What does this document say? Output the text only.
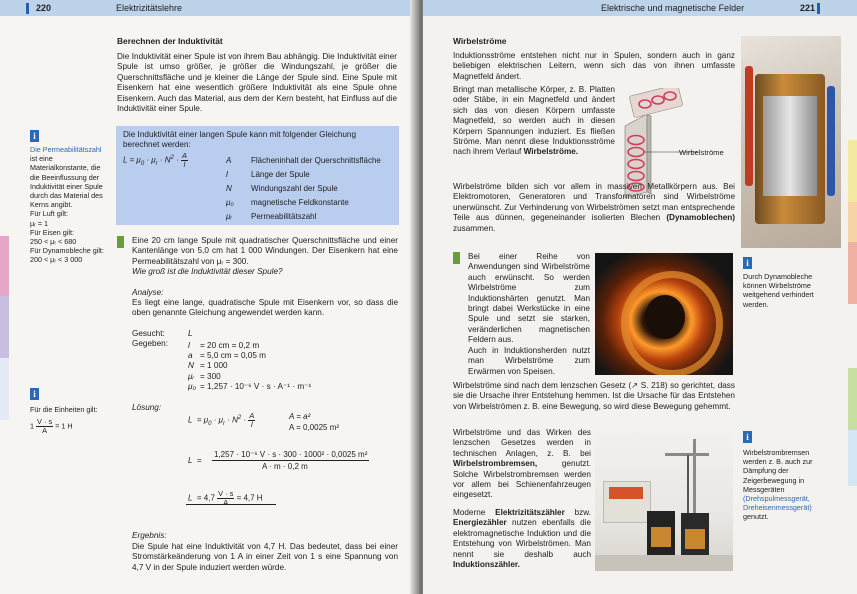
220	Elektrizitätslehre
Berechnen der Induktivität
Die Induktivität einer Spule ist von ihrem Bau abhängig. Die Induktivität einer Spule ist umso größer, je größer die Windungszahl, je größer die Querschnittsfläche und je kleiner die Länge der Spule sind. Eine Spule mit Eisenkern hat eine wesentlich größere Induktivität als eine Spule ohne Eisenkern. Auch das Material, aus dem der Kern besteht, hat Einfluss auf die Induktivität einer Spule.
i
Die Permeabilitätszahl ist eine Materialkonstante, die die Beeinflussung der Induktivität einer Spule durch das Material des Kerns angibt.
Für Luft gilt:
μᵣ = 1
Für Eisen gilt:
250 < μᵣ < 680
Für Dynamobleche gilt:
200 < μᵣ < 3 000
Die Induktivität einer langen Spule kann mit folgender Gleichung berechnet werden:
$L = \mu_0 \cdot \mu_r \cdot N^2 \cdot \frac{A}{l}$	A Flächeninhalt der Querschnittsfläche
l	Länge der Spule
N Windungszahl der Spule
μ₀ magnetische Feldkonstante
μᵣ Permeabilitätszahl
Eine 20 cm lange Spule mit quadratischer Querschnittsfläche und einer Kantenlänge von 5,0 cm hat 1 000 Windungen. Der Eisenkern hat eine Permeabilitätszahl von μᵣ = 300.
Wie groß ist die Induktivität dieser Spule?
Analyse:
Es liegt eine lange, quadratische Spule mit Eisenkern vor, so dass die oben genannte Gleichung angewendet werden kann.
Gesucht:	L
Gegeben: l = 20 cm = 0,2 m
a = 5,0 cm = 0,05 m
N = 1 000
μᵣ = 300
μ₀ = 1,257 · 10⁻⁶ V · s · A⁻¹ · m⁻¹
i
Für die Einheiten gilt:
$1 \frac{V \cdot s}{A} = 1$ H
Lösung:
$L = \mu_0 \cdot \mu_r \cdot N^2 \cdot \frac{A}{l}$	A = a²
A = 0,0025 m²
L  =
1,257 · 10⁻⁶ V · s · 300 · 1000² · 0,0025 m²
A · m · 0,2 m
$L = 4,7 \frac{V \cdot s}{A} = 4,7$ H
Ergebnis:
Die Spule hat eine Induktivität von 4,7 H. Das bedeutet, dass bei einer Stromstärkeänderung von 1 A in einer Zeit von 1 s eine Spannung von 4,7 V in der Spule induziert werden würde.
Elektrische und magnetische Felder	221
Wirbelströme
Induktionsströme entstehen nicht nur in Spulen, sondern auch in ganz beliebigen elektrischen Leitern, wenn sich das von ihnen umfasste Magnetfeld ändert.
Bringt man metallische Körper, z. B. Platten oder Stäbe, in ein Magnetfeld und ändert sich das von diesen Körpern umfasste Magnetfeld, so werden auch in diesen Körpern Spannungen induziert. Es fließen Ströme. Man nennt diese Induktionsströme nach ihrem Verlauf Wirbelströme.	Wirbelströme
Wirbelströme bilden sich vor allem in massiven Metallkörpern aus. Bei Elektromotoren, Generatoren und Transformatoren sind Wirbelströme unerwünscht. Zur Verhinderung von Wirbelströmen setzt man entsprechende Teile aus dünnen, gegeneinander isolierten Blechen (Dynamoblechen) zusammen.
Bei einer Reihe von Anwendungen sind Wirbelströme auch erwünscht. So werden Wirbelströme zum Induktionshärten genutzt. Man bringt dabei Werkstücke in eine Spule und setzt sie starken, veränderlichen magnetischen Feldern aus.
Auch in Induktionsherden nutzt man Wirbelströme zum Erwärmen von Speisen.
Wirbelströme sind nach dem lenzschen Gesetz (↗ S. 218) so gerichtet, dass sie die Ursache ihrer Entstehung hemmen. Ist die Ursache für das Entstehen von Wirbelströmen z. B. eine Bewegung, so wird diese Bewegung gehemmt.
Wirbelströme und das Wirken des lenzschen Gesetzes werden in technischen Anlagen, z. B. bei Wirbelstrombremsen,	genutzt. Solche Wirbelstrombremsen werden vor allem bei Schienenfahrzeugen eingesetzt.
Moderne Elektrizitätszähler bzw. Energiezähler nutzen ebenfalls die elektromagnetische Induktion und die Entstehung von Wirbelströmen. Man nennt sie deshalb auch Induktionszähler.
i
Durch Dynamobleche können Wirbelströme weitgehend verhindert werden.
i
Wirbelstrombremsen werden z. B. auch zur Dämpfung der Zeigerbewegung in Messgeräten (Drehspulmessgerät, Dreheisenmessgerät) genutzt.
